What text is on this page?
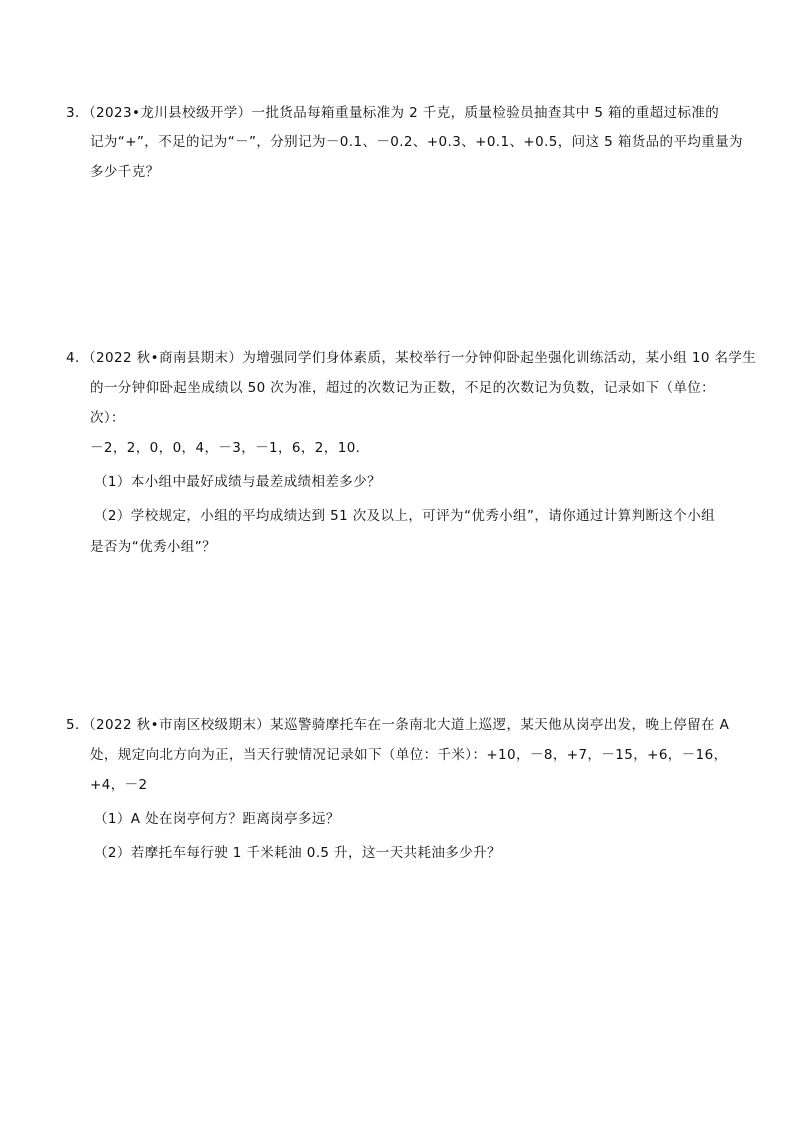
3．（2023•龙川县校级开学）一批货品每箱重量标准为 2 千克，质量检验员抽查其中 5 箱的重超过标准的
记为“+”，不足的记为“－”，分别记为－0.1、－0.2、+0.3、+0.1、+0.5，问这 5 箱货品的平均重量为
多少千克？
4．（2022 秋•商南县期末）为增强同学们身体素质，某校举行一分钟仰卧起坐强化训练活动，某小组 10 名学生
的一分钟仰卧起坐成绩以 50 次为准，超过的次数记为正数，不足的次数记为负数，记录如下（单位：
次）：
－2，2，0，0，4，－3，－1，6，2，10．
（1）本小组中最好成绩与最差成绩相差多少？
（2）学校规定，小组的平均成绩达到 51 次及以上，可评为“优秀小组”，请你通过计算判断这个小组
是否为“优秀小组”？
5．（2022 秋•市南区校级期末）某巡警骑摩托车在一条南北大道上巡逻，某天他从岗亭出发，晚上停留在 A
处，规定向北方向为正，当天行驶情况记录如下（单位：千米）：+10，－8，+7，－15，+6，－16，
+4，－2
（1）A 处在岗亭何方？距离岗亭多远？
（2）若摩托车每行驶 1 千米耗油 0.5 升，这一天共耗油多少升？
